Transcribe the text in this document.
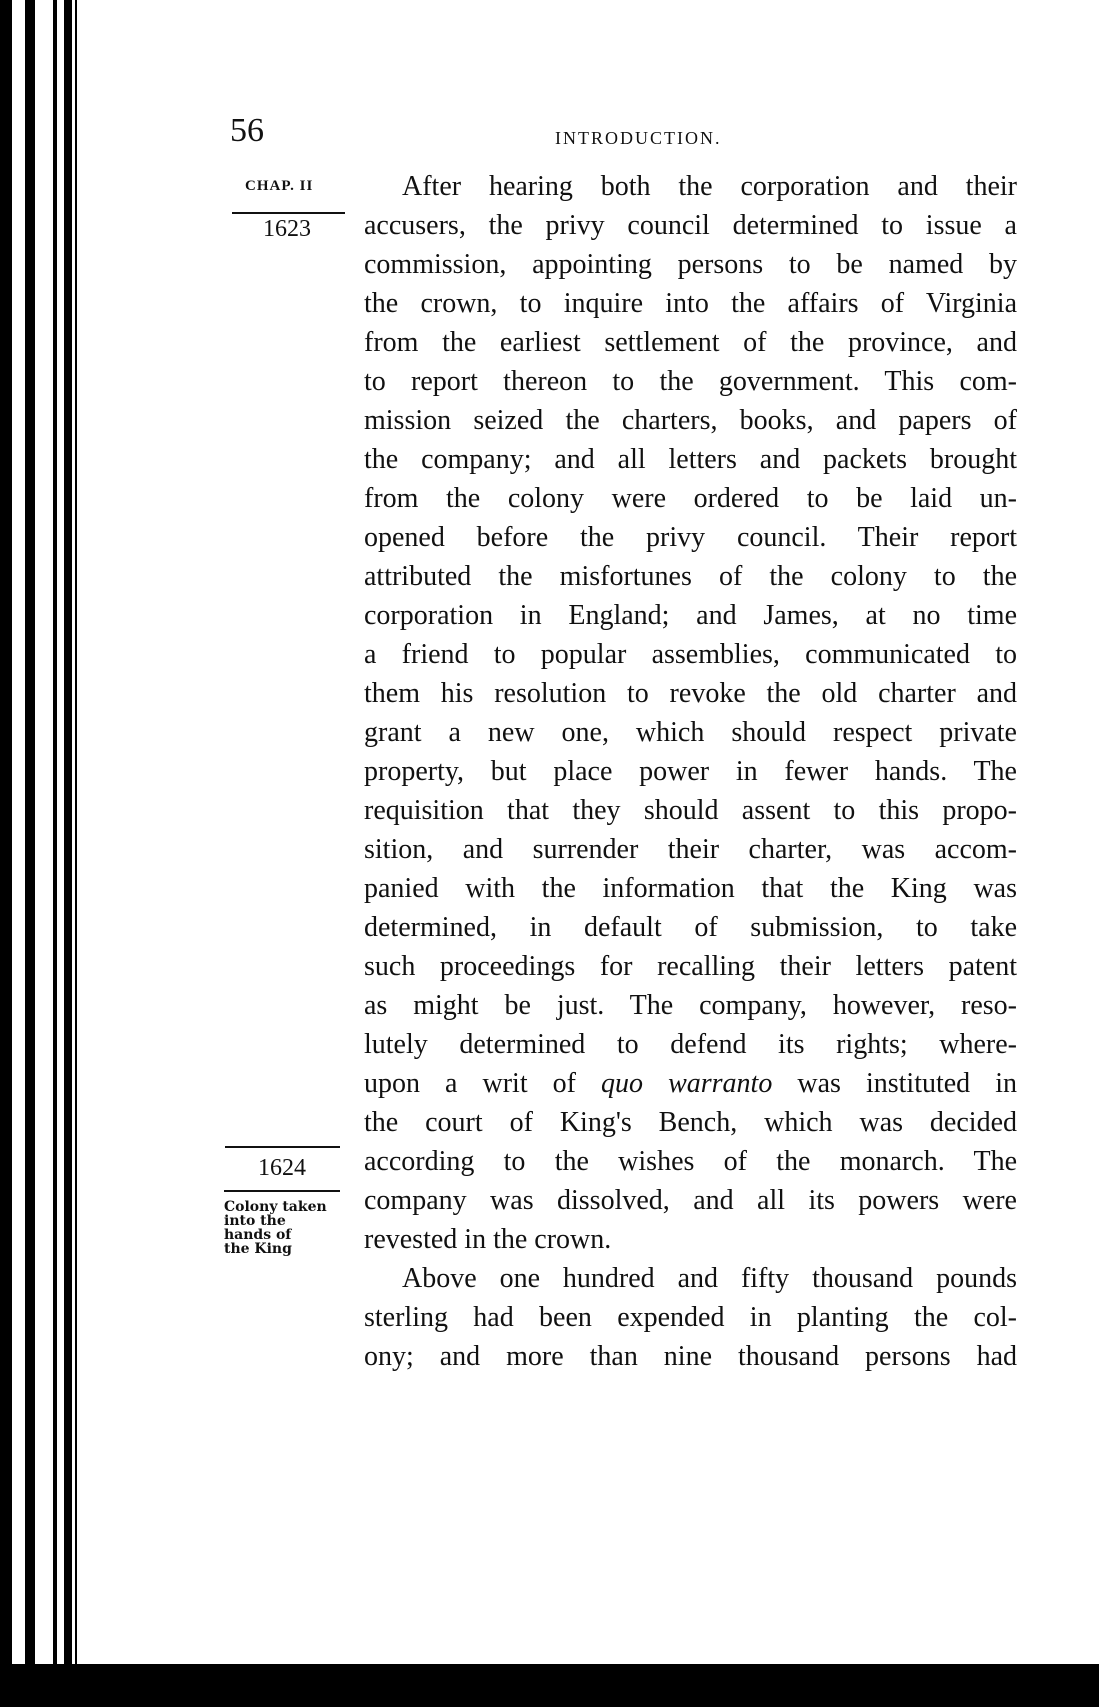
56	INTRODUCTION.
CHAP. II
1623
1624
Colony taken
into the
hands of
the King
After hearing both the corporation and their
accusers, the privy council determined to issue a
commission, appointing persons to be named by
the crown, to inquire into the affairs of Virginia
from the earliest settlement of the province, and
to report thereon to the government. This com-
mission seized the charters, books, and papers of
the company; and all letters and packets brought
from the colony were ordered to be laid un-
opened before the privy council. Their report
attributed the misfortunes of the colony to the
corporation in England; and James, at no time
a friend to popular assemblies, communicated to
them his resolution to revoke the old charter and
grant a new one, which should respect private
property, but place power in fewer hands. The
requisition that they should assent to this propo-
sition, and surrender their charter, was accom-
panied with the information that the King was
determined, in default of submission, to take
such proceedings for recalling their letters patent
as might be just. The company, however, reso-
lutely determined to defend its rights; where-
upon a writ of quo warranto was instituted in
the court of King's Bench, which was decided
according to the wishes of the monarch. The
company was dissolved, and all its powers were
revested in the crown.
Above one hundred and fifty thousand pounds
sterling had been expended in planting the col-
ony; and more than nine thousand persons had
